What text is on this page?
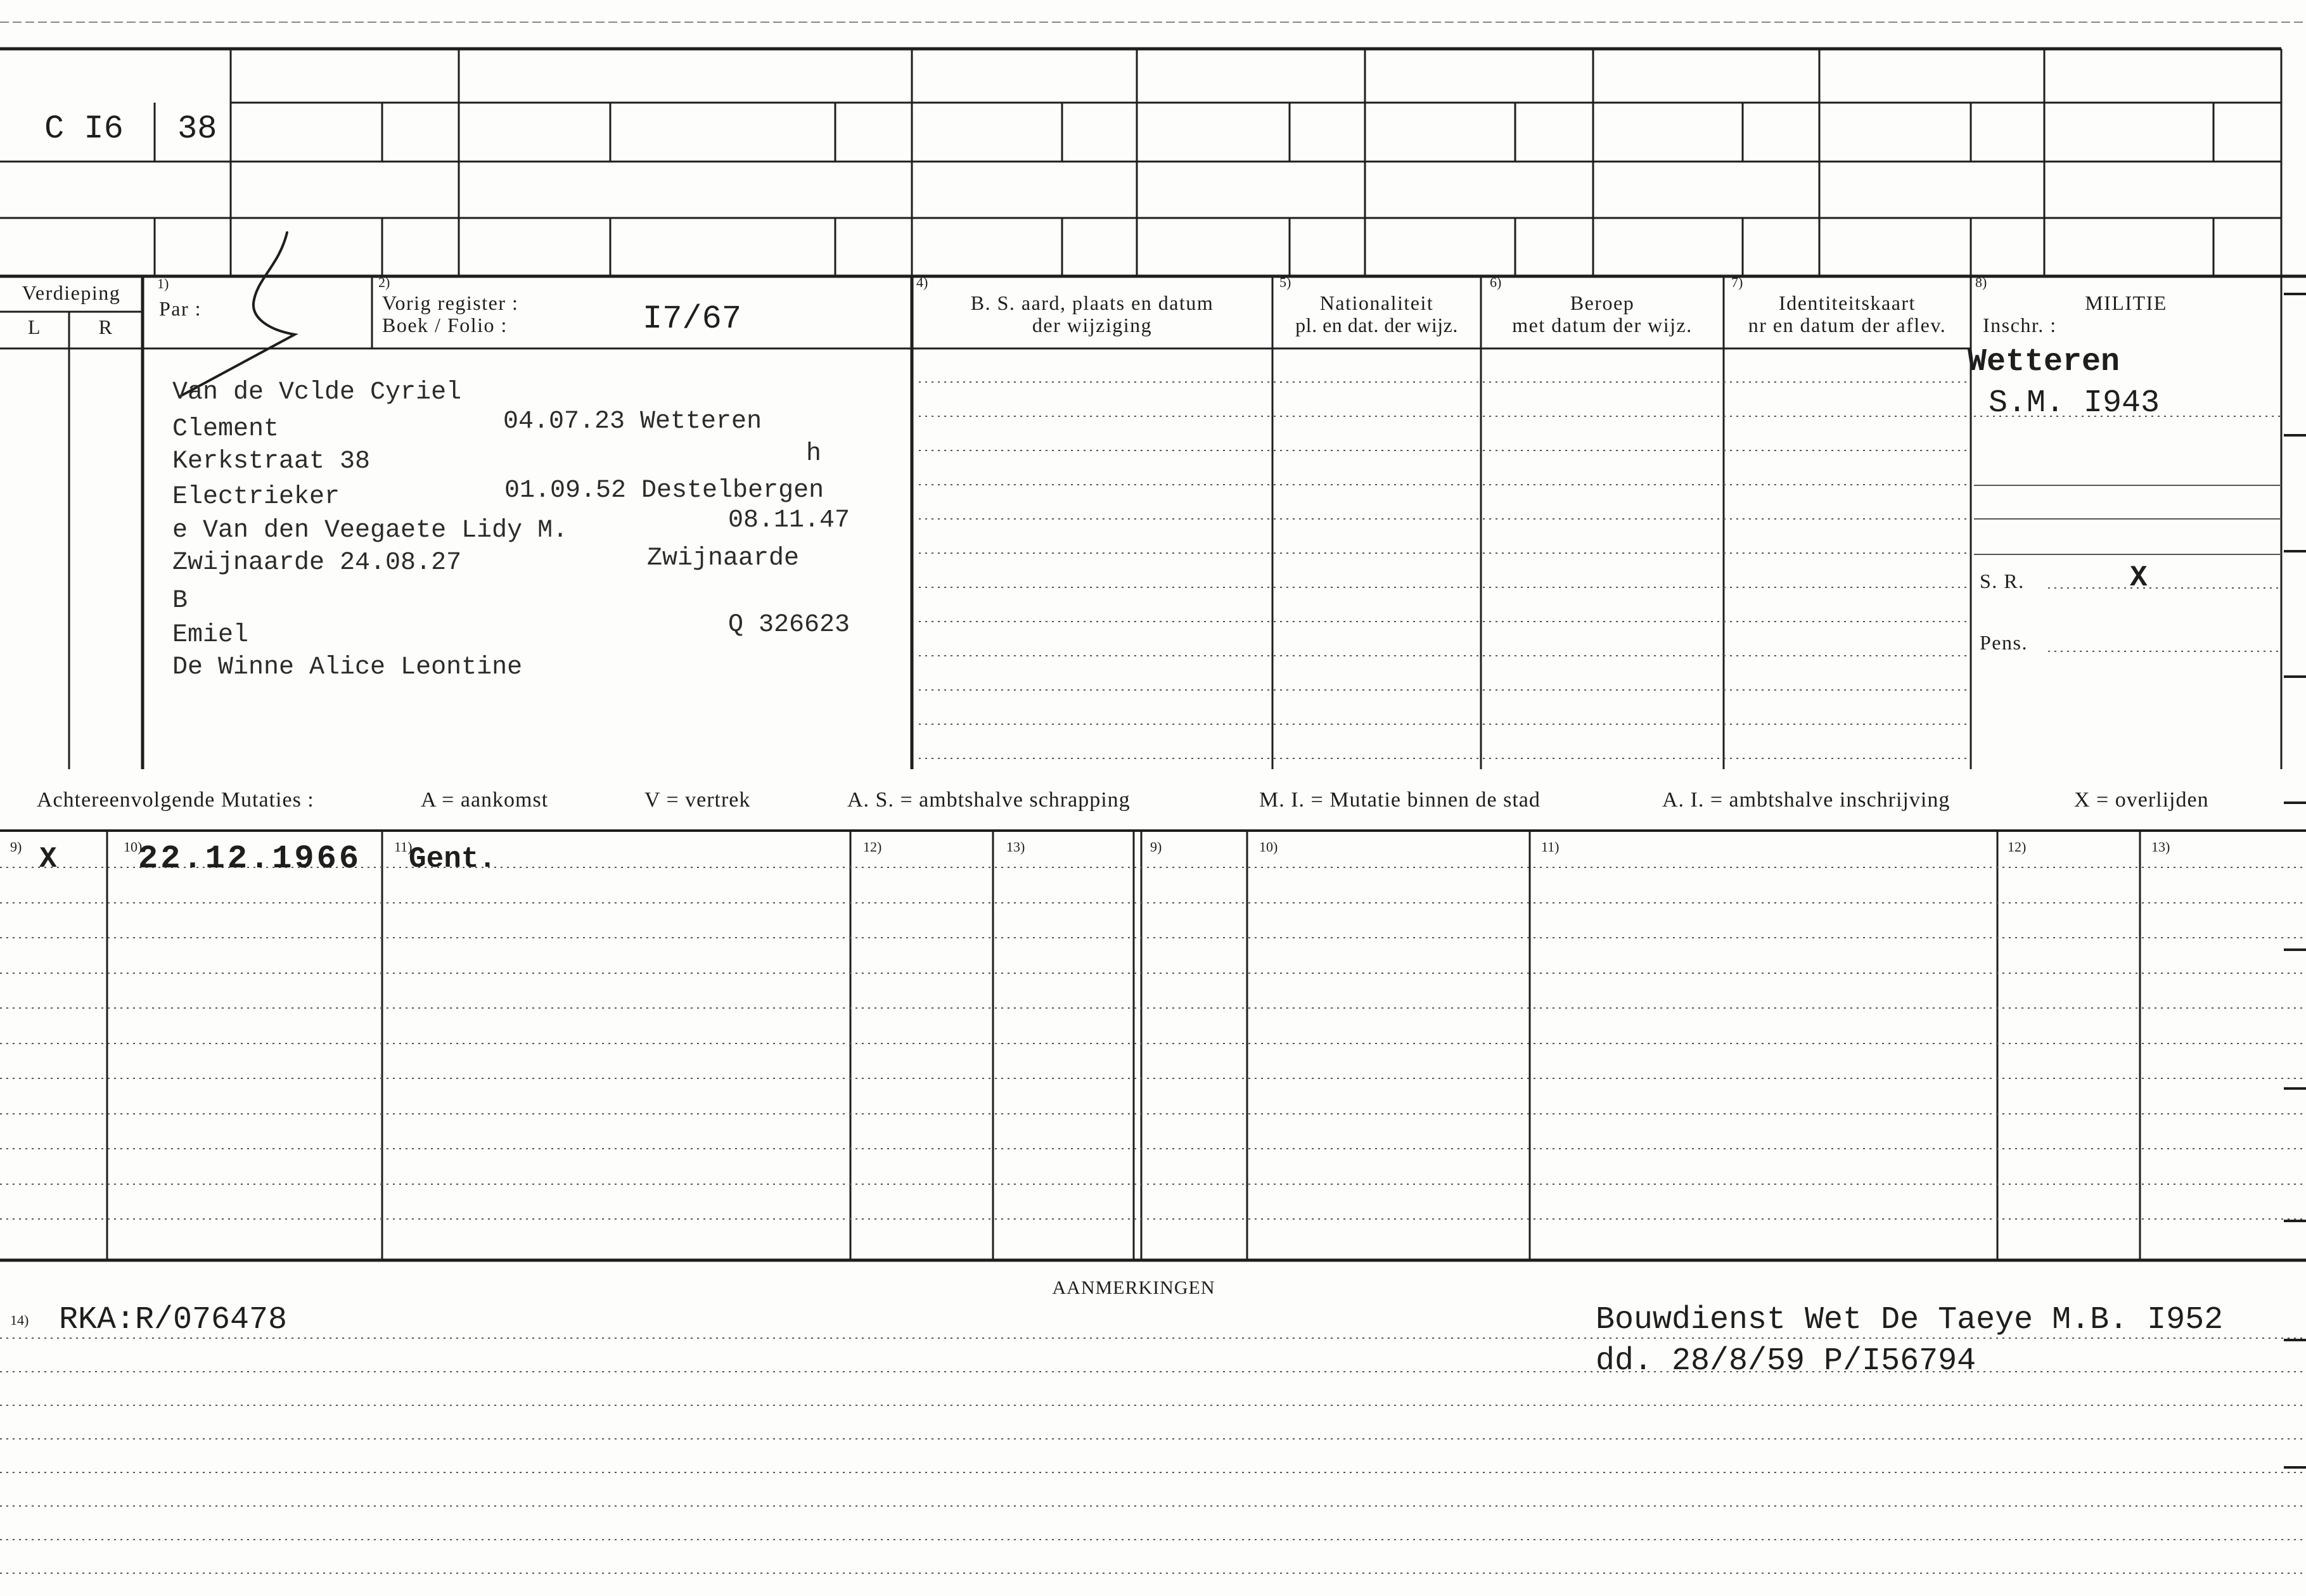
C I6 38
Verdieping
L	R
1)
Par :
2)
Vorig register :
Boek / Folio :	I7/67
4)
B. S. aard, plaats en datum
der wijziging
5)
Nationaliteit
pl. en dat. der wijz.
6)
Beroep
met datum der wijz.
7)
Identiteitskaart
nr en datum der aflev.
8)
MILITIE
Inschr. :
Van de Vclde Cyriel
Clement	04.07.23 Wetteren
Kerkstraat 38	h
Electrieker	01.09.52 Destelbergen
e Van den Veegaete Lidy M.	08.11.47
Zwijnaarde 24.08.27	Zwijnaarde
B
Emiel	Q 326623
De Winne Alice Leontine
Wetteren
S.M. I943
S. R.	X
Pens.
Achtereenvolgende Mutaties :	A = aankomst	V = vertrek	A. S. = ambtshalve schrapping	M. I. = Mutatie binnen de stad	A. I. = ambtshalve inschrijving	X = overlijden
9)	10)	11)	12)	13)	9)	10)	11)	12)	13)
X 22.12.1966 Gent.
AANMERKINGEN
14) RKA:R/076478	Bouwdienst Wet De Taeye M.B. I952
dd. 28/8/59 P/I56794
